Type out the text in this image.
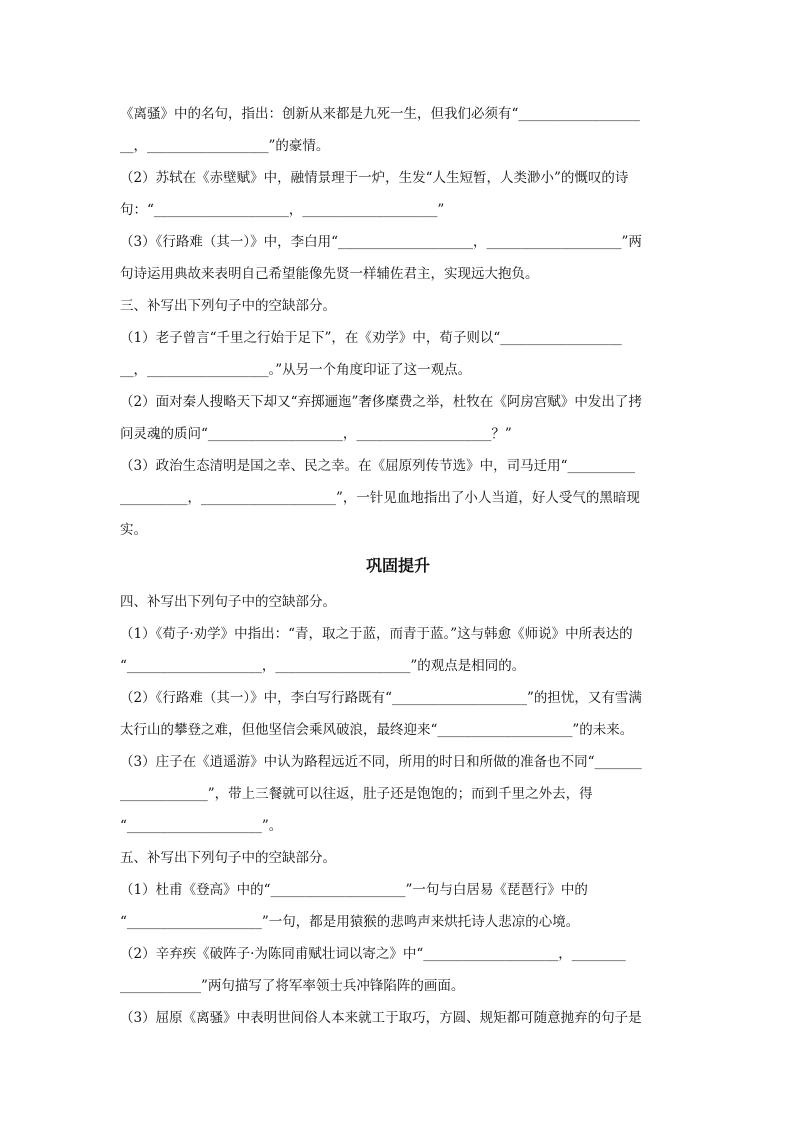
《离骚》中的名句，指出：创新从来都是九死一生，但我们必须有“__________________
__，__________________”的豪情。
（2）苏轼在《赤壁赋》中，融情景理于一炉，生发“人生短暂，人类渺小”的慨叹的诗
句：“____________________，____________________”
（3）《行路难（其一）》中，李白用“____________________，____________________”两
句诗运用典故来表明自己希望能像先贤一样辅佐君主，实现远大抱负。
三、补写出下列句子中的空缺部分。
（1）老子曾言“千里之行始于足下”，在《劝学》中，荀子则以“__________________
__，__________________。”从另一个角度印证了这一观点。
（2）面对秦人搜略天下却又“弃掷逦迤”奢侈糜费之举，杜牧在《阿房宫赋》中发出了拷
问灵魂的质问“____________________，____________________？”
（3）政治生态清明是国之幸、民之幸。在《屈原列传节选》中，司马迁用“__________
__________，____________________”，一针见血地指出了小人当道，好人受气的黑暗现
实。
巩固提升
四、补写出下列句子中的空缺部分。
（1）《荀子·劝学》中指出：“青，取之于蓝，而青于蓝。”这与韩愈《师说》中所表达的
“____________________，____________________”的观点是相同的。
（2）《行路难（其一）》中，李白写行路既有“____________________”的担忧，又有雪满
太行山的攀登之难，但他坚信会乘风破浪，最终迎来“____________________”的未来。
（3）庄子在《逍遥游》中认为路程远近不同，所用的时日和所做的准备也不同“_______
_____________”，带上三餐就可以往返，肚子还是饱饱的；而到千里之外去，得
“____________________”。
五、补写出下列句子中的空缺部分。
（1）杜甫《登高》中的“____________________”一句与白居易《琵琶行》中的
“____________________”一句，都是用猿猴的悲鸣声来烘托诗人悲凉的心境。
（2）辛弃疾《破阵子·为陈同甫赋壮词以寄之》中“____________________，________
____________”两句描写了将军率领士兵冲锋陷阵的画面。
（3）屈原《离骚》中表明世间俗人本来就工于取巧，方圆、规矩都可随意抛弃的句子是
